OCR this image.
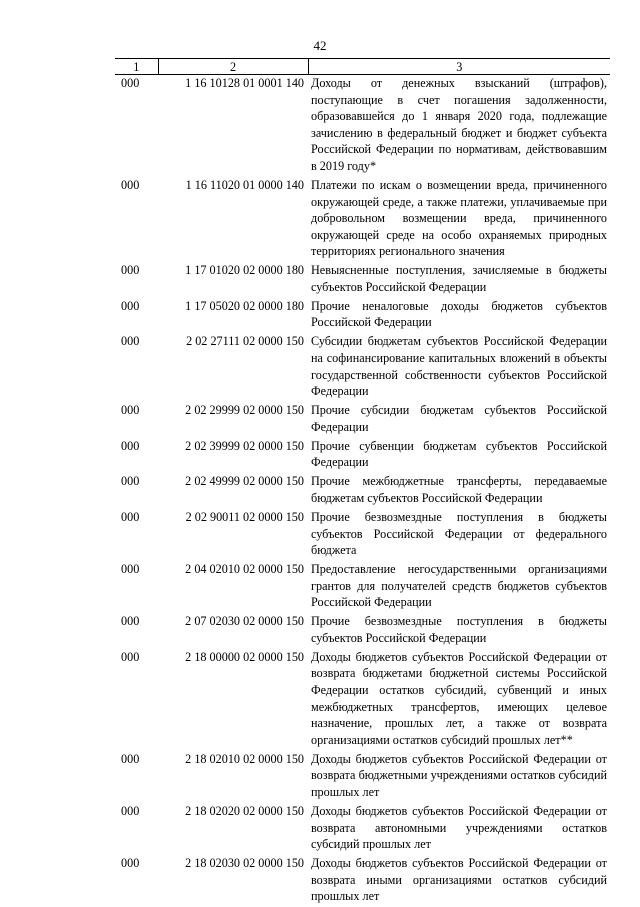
42
1	2	3
000	1 16 10128 01 0001 140	Доходы от денежных взысканий (штрафов), поступающие в счет погашения задолженности, образовавшейся до 1 января 2020 года, подлежащие зачислению в федеральный бюджет и бюджет субъекта Российской Федерации по нормативам, действовавшим в 2019 году*
000	1 16 11020 01 0000 140	Платежи по искам о возмещении вреда, причиненного окружающей среде, а также платежи, уплачиваемые при добровольном возмещении вреда, причиненного окружающей среде на особо охраняемых природных территориях регионального значения
000	1 17 01020 02 0000 180	Невыясненные поступления, зачисляемые в бюджеты субъектов Российской Федерации
000	1 17 05020 02 0000 180	Прочие неналоговые доходы бюджетов субъектов Российской Федерации
000	2 02 27111 02 0000 150	Субсидии бюджетам субъектов Российской Федерации на софинансирование капитальных вложений в объекты государственной собственности субъектов Российской Федерации
000	2 02 29999 02 0000 150	Прочие субсидии бюджетам субъектов Российской Федерации
000	2 02 39999 02 0000 150	Прочие субвенции бюджетам субъектов Российской Федерации
000	2 02 49999 02 0000 150	Прочие межбюджетные трансферты, передаваемые бюджетам субъектов Российской Федерации
000	2 02 90011 02 0000 150	Прочие безвозмездные поступления в бюджеты субъектов Российской Федерации от федерального бюджета
000	2 04 02010 02 0000 150	Предоставление негосударственными организациями грантов для получателей средств бюджетов субъектов Российской Федерации
000	2 07 02030 02 0000 150	Прочие безвозмездные поступления в бюджеты субъектов Российской Федерации
000	2 18 00000 02 0000 150	Доходы бюджетов субъектов Российской Федерации от возврата бюджетами бюджетной системы Российской Федерации остатков субсидий, субвенций и иных межбюджетных трансфертов, имеющих целевое назначение, прошлых лет, а также от возврата организациями остатков субсидий прошлых лет**
000	2 18 02010 02 0000 150	Доходы бюджетов субъектов Российской Федерации от возврата бюджетными учреждениями остатков субсидий прошлых лет
000	2 18 02020 02 0000 150	Доходы бюджетов субъектов Российской Федерации от возврата автономными учреждениями остатков субсидий прошлых лет
000	2 18 02030 02 0000 150	Доходы бюджетов субъектов Российской Федерации от возврата иными организациями остатков субсидий прошлых лет
